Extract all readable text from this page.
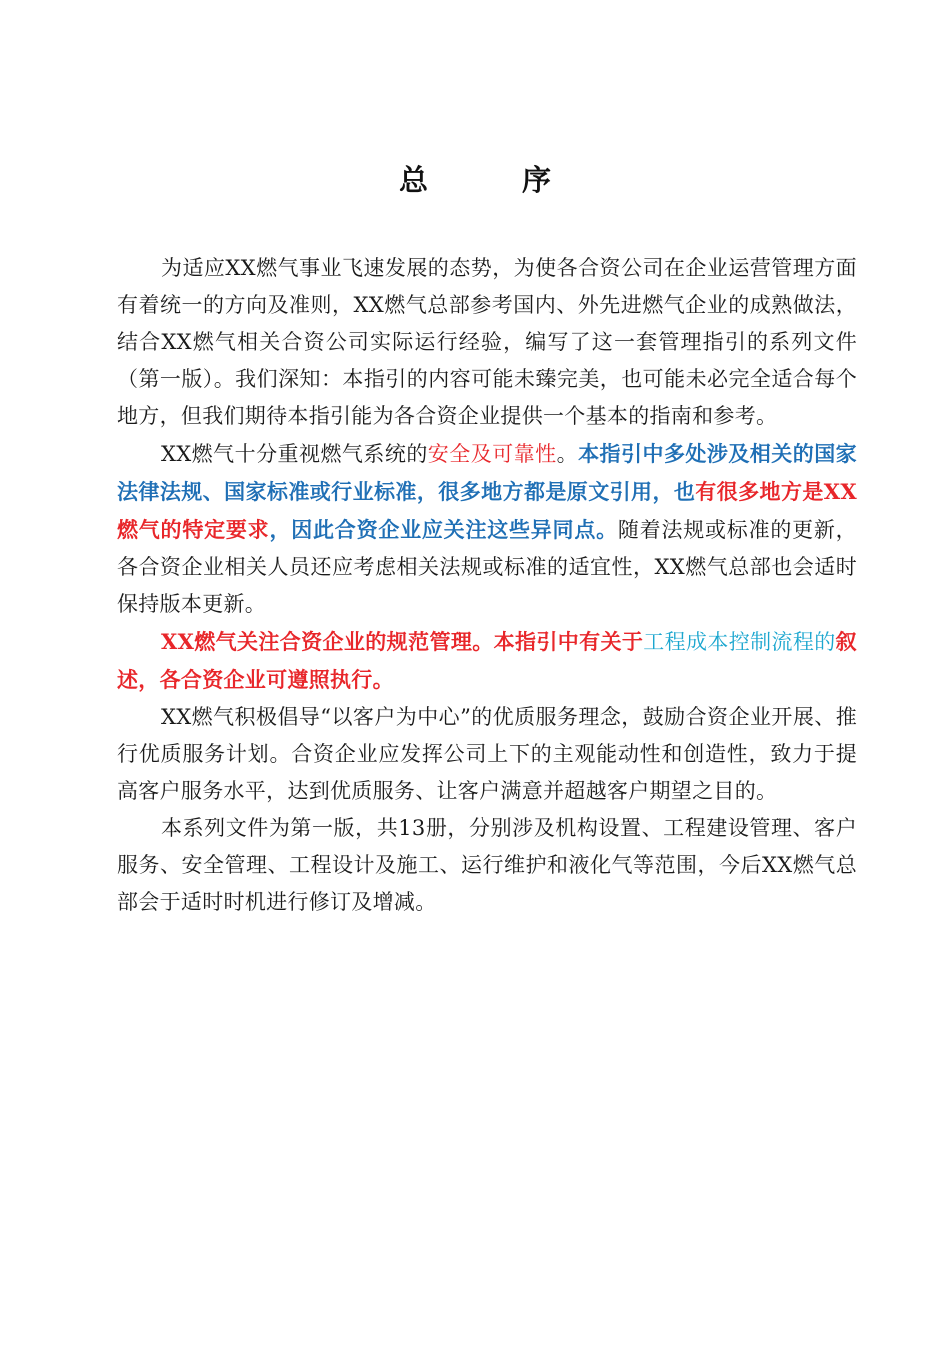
总 序

为适应XX燃气事业飞速发展的态势，为使各合资公司在企业运营管理方面有着统一的方向及准则，XX燃气总部参考国内、外先进燃气企业的成熟做法，结合XX燃气相关合资公司实际运行经验，编写了这一套管理指引的系列文件（第一版）。我们深知：本指引的内容可能未臻完美，也可能未必完全适合每个地方，但我们期待本指引能为各合资企业提供一个基本的指南和参考。

XX燃气十分重视燃气系统的安全及可靠性。本指引中多处涉及相关的国家法律法规、国家标准或行业标准，很多地方都是原文引用，也有很多地方是XX燃气的特定要求，因此合资企业应关注这些异同点。随着法规或标准的更新，各合资企业相关人员还应考虑相关法规或标准的适宜性，XX燃气总部也会适时保持版本更新。

XX燃气关注合资企业的规范管理。本指引中有关于工程成本控制流程的叙述，各合资企业可遵照执行。

XX燃气积极倡导“以客户为中心”的优质服务理念，鼓励合资企业开展、推行优质服务计划。合资企业应发挥公司上下的主观能动性和创造性，致力于提高客户服务水平，达到优质服务、让客户满意并超越客户期望之目的。

本系列文件为第一版，共13册，分别涉及机构设置、工程建设管理、客户服务、安全管理、工程设计及施工、运行维护和液化气等范围，今后XX燃气总部会于适时时机进行修订及增减。
